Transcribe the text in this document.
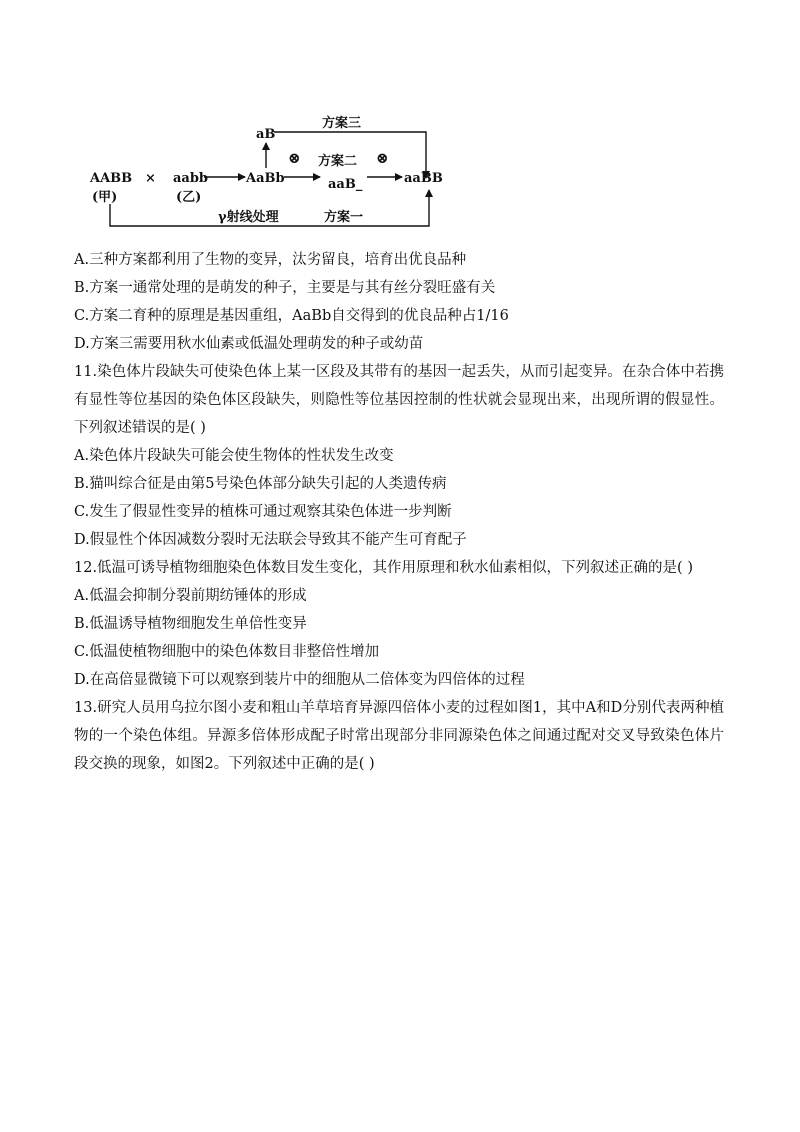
AABB
(甲)
× aabb
(乙)
AaBb
aB
方案三
⊗ 方案二 ⊗
aaB_	aaBB
γ射线处理	方案一
A.三种方案都利用了生物的变异，汰劣留良，培育出优良品种
B.方案一通常处理的是萌发的种子，主要是与其有丝分裂旺盛有关
C.方案二育种的原理是基因重组，AaBb自交得到的优良品种占1/16
D.方案三需要用秋水仙素或低温处理萌发的种子或幼苗
11.染色体片段缺失可使染色体上某一区段及其带有的基因一起丢失，从而引起变异。在杂合体中若携有显性等位基因的染色体区段缺失，则隐性等位基因控制的性状就会显现出来，出现所谓的假显性。下列叙述错误的是( )
A.染色体片段缺失可能会使生物体的性状发生改变
B.猫叫综合征是由第5号染色体部分缺失引起的人类遗传病
C.发生了假显性变异的植株可通过观察其染色体进一步判断
D.假显性个体因减数分裂时无法联会导致其不能产生可育配子
12.低温可诱导植物细胞染色体数目发生变化，其作用原理和秋水仙素相似，下列叙述正确的是( )
A.低温会抑制分裂前期纺锤体的形成
B.低温诱导植物细胞发生单倍性变异
C.低温使植物细胞中的染色体数目非整倍性增加
D.在高倍显微镜下可以观察到装片中的细胞从二倍体变为四倍体的过程
13.研究人员用乌拉尔图小麦和粗山羊草培育异源四倍体小麦的过程如图1，其中A和D分别代表两种植物的一个染色体组。异源多倍体形成配子时常出现部分非同源染色体之间通过配对交叉导致染色体片段交换的现象，如图2。下列叙述中正确的是( )
